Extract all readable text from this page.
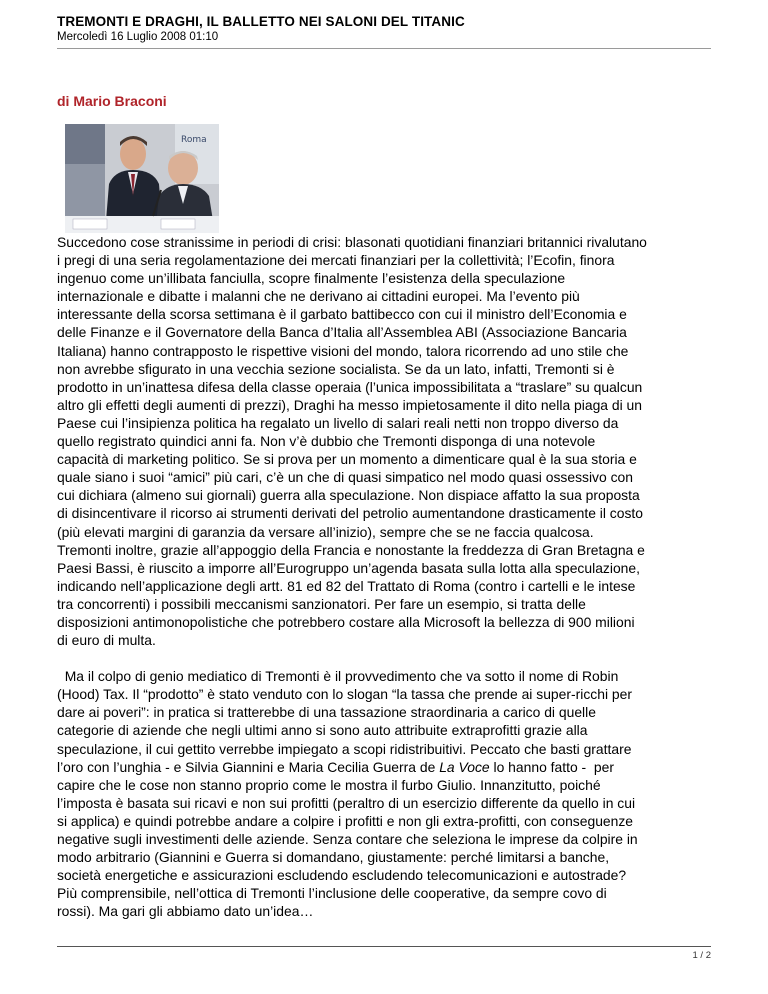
TREMONTI E DRAGHI, IL BALLETTO NEI SALONI DEL TITANIC
Mercoledì 16 Luglio 2008 01:10
di Mario Braconi
Roma

Succedono cose stranissime in periodi di crisi: blasonati quotidiani finanziari britannici rivalutano
i pregi di una seria regolamentazione dei mercati finanziari per la collettività; l’Ecofin, finora
ingenuo come un’illibata fanciulla, scopre finalmente l’esistenza della speculazione
internazionale e dibatte i malanni che ne derivano ai cittadini europei. Ma l’evento più
interessante della scorsa settimana è il garbato battibecco con cui il ministro dell’Economia e
delle Finanze e il Governatore della Banca d’Italia all’Assemblea ABI (Associazione Bancaria
Italiana) hanno contrapposto le rispettive visioni del mondo, talora ricorrendo ad uno stile che
non avrebbe sfigurato in una vecchia sezione socialista. Se da un lato, infatti, Tremonti si è
prodotto in un’inattesa difesa della classe operaia (l’unica impossibilitata a “traslare” su qualcun
altro gli effetti degli aumenti di prezzi), Draghi ha messo impietosamente il dito nella piaga di un
Paese cui l’insipienza politica ha regalato un livello di salari reali netti non troppo diverso da
quello registrato quindici anni fa. Non v’è dubbio che Tremonti disponga di una notevole
capacità di marketing politico. Se si prova per un momento a dimenticare qual è la sua storia e
quale siano i suoi “amici” più cari, c’è un che di quasi simpatico nel modo quasi ossessivo con
cui dichiara (almeno sui giornali) guerra alla speculazione. Non dispiace affatto la sua proposta
di disincentivare il ricorso ai strumenti derivati del petrolio aumentandone drasticamente il costo
(più elevati margini di garanzia da versare all’inizio), sempre che se ne faccia qualcosa.
Tremonti inoltre, grazie all’appoggio della Francia e nonostante la freddezza di Gran Bretagna e
Paesi Bassi, è riuscito a imporre all’Eurogruppo un’agenda basata sulla lotta alla speculazione,
indicando nell’applicazione degli artt. 81 ed 82 del Trattato di Roma (contro i cartelli e le intese
tra concorrenti) i possibili meccanismi sanzionatori. Per fare un esempio, si tratta delle
disposizioni antimonopolistiche che potrebbero costare alla Microsoft la bellezza di 900 milioni
di euro di multa.

Ma il colpo di genio mediatico di Tremonti è il provvedimento che va sotto il nome di Robin
(Hood) Tax. Il “prodotto” è stato venduto con lo slogan “la tassa che prende ai super-ricchi per
dare ai poveri”: in pratica si tratterebbe di una tassazione straordinaria a carico di quelle
categorie di aziende che negli ultimi anno si sono auto attribuite extraprofitti grazie alla
speculazione, il cui gettito verrebbe impiegato a scopi ridistribuitivi. Peccato che basti grattare
l’oro con l’unghia - e Silvia Giannini e Maria Cecilia Guerra de La Voce lo hanno fatto -  per
capire che le cose non stanno proprio come le mostra il furbo Giulio. Innanzitutto, poiché
l’imposta è basata sui ricavi e non sui profitti (peraltro di un esercizio differente da quello in cui
si applica) e quindi potrebbe andare a colpire i profitti e non gli extra-profitti, con conseguenze
negative sugli investimenti delle aziende. Senza contare che seleziona le imprese da colpire in
modo arbitrario (Giannini e Guerra si domandano, giustamente: perché limitarsi a banche,
società energetiche e assicurazioni escludendo escludendo telecomunicazioni e autostrade?
Più comprensibile, nell’ottica di Tremonti l’inclusione delle cooperative, da sempre covo di
rossi). Ma gari gli abbiamo dato un’idea…

1 / 2
